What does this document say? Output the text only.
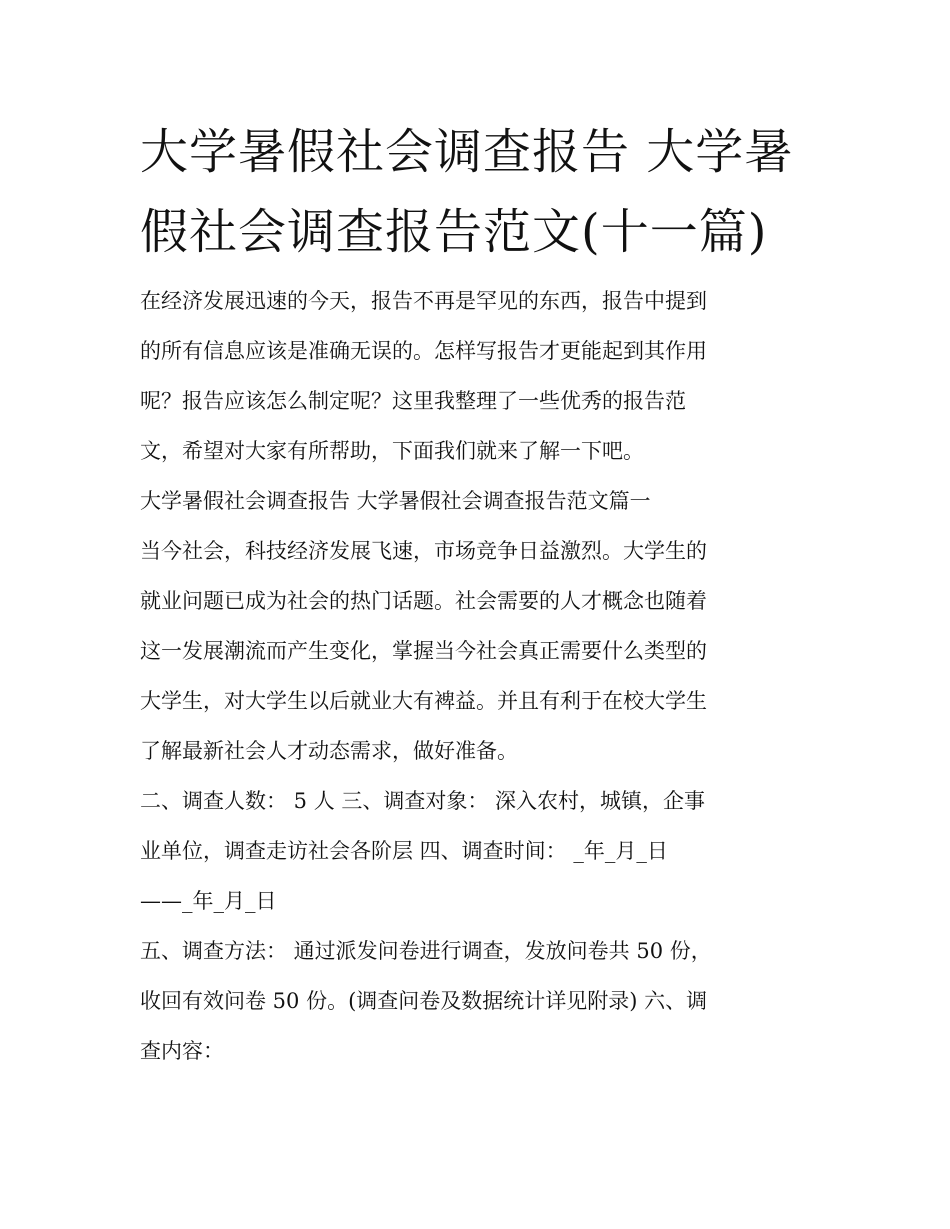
大学暑假社会调查报告 大学暑
假社会调查报告范文(十一篇)
在经济发展迅速的今天，报告不再是罕见的东西，报告中提到
的所有信息应该是准确无误的。怎样写报告才更能起到其作用
呢？报告应该怎么制定呢？这里我整理了一些优秀的报告范
文，希望对大家有所帮助，下面我们就来了解一下吧。
大学暑假社会调查报告 大学暑假社会调查报告范文篇一
当今社会，科技经济发展飞速，市场竞争日益激烈。大学生的
就业问题已成为社会的热门话题。社会需要的人才概念也随着
这一发展潮流而产生变化，掌握当今社会真正需要什么类型的
大学生，对大学生以后就业大有裨益。并且有利于在校大学生
了解最新社会人才动态需求，做好准备。
二、调查人数： 5 人 三、调查对象： 深入农村，城镇，企事
业单位，调查走访社会各阶层 四、调查时间： _年_月_日
——_年_月_日
五、调查方法： 通过派发问卷进行调查，发放问卷共 50 份，
收回有效问卷 50 份。(调查问卷及数据统计详见附录) 六、调
查内容：
